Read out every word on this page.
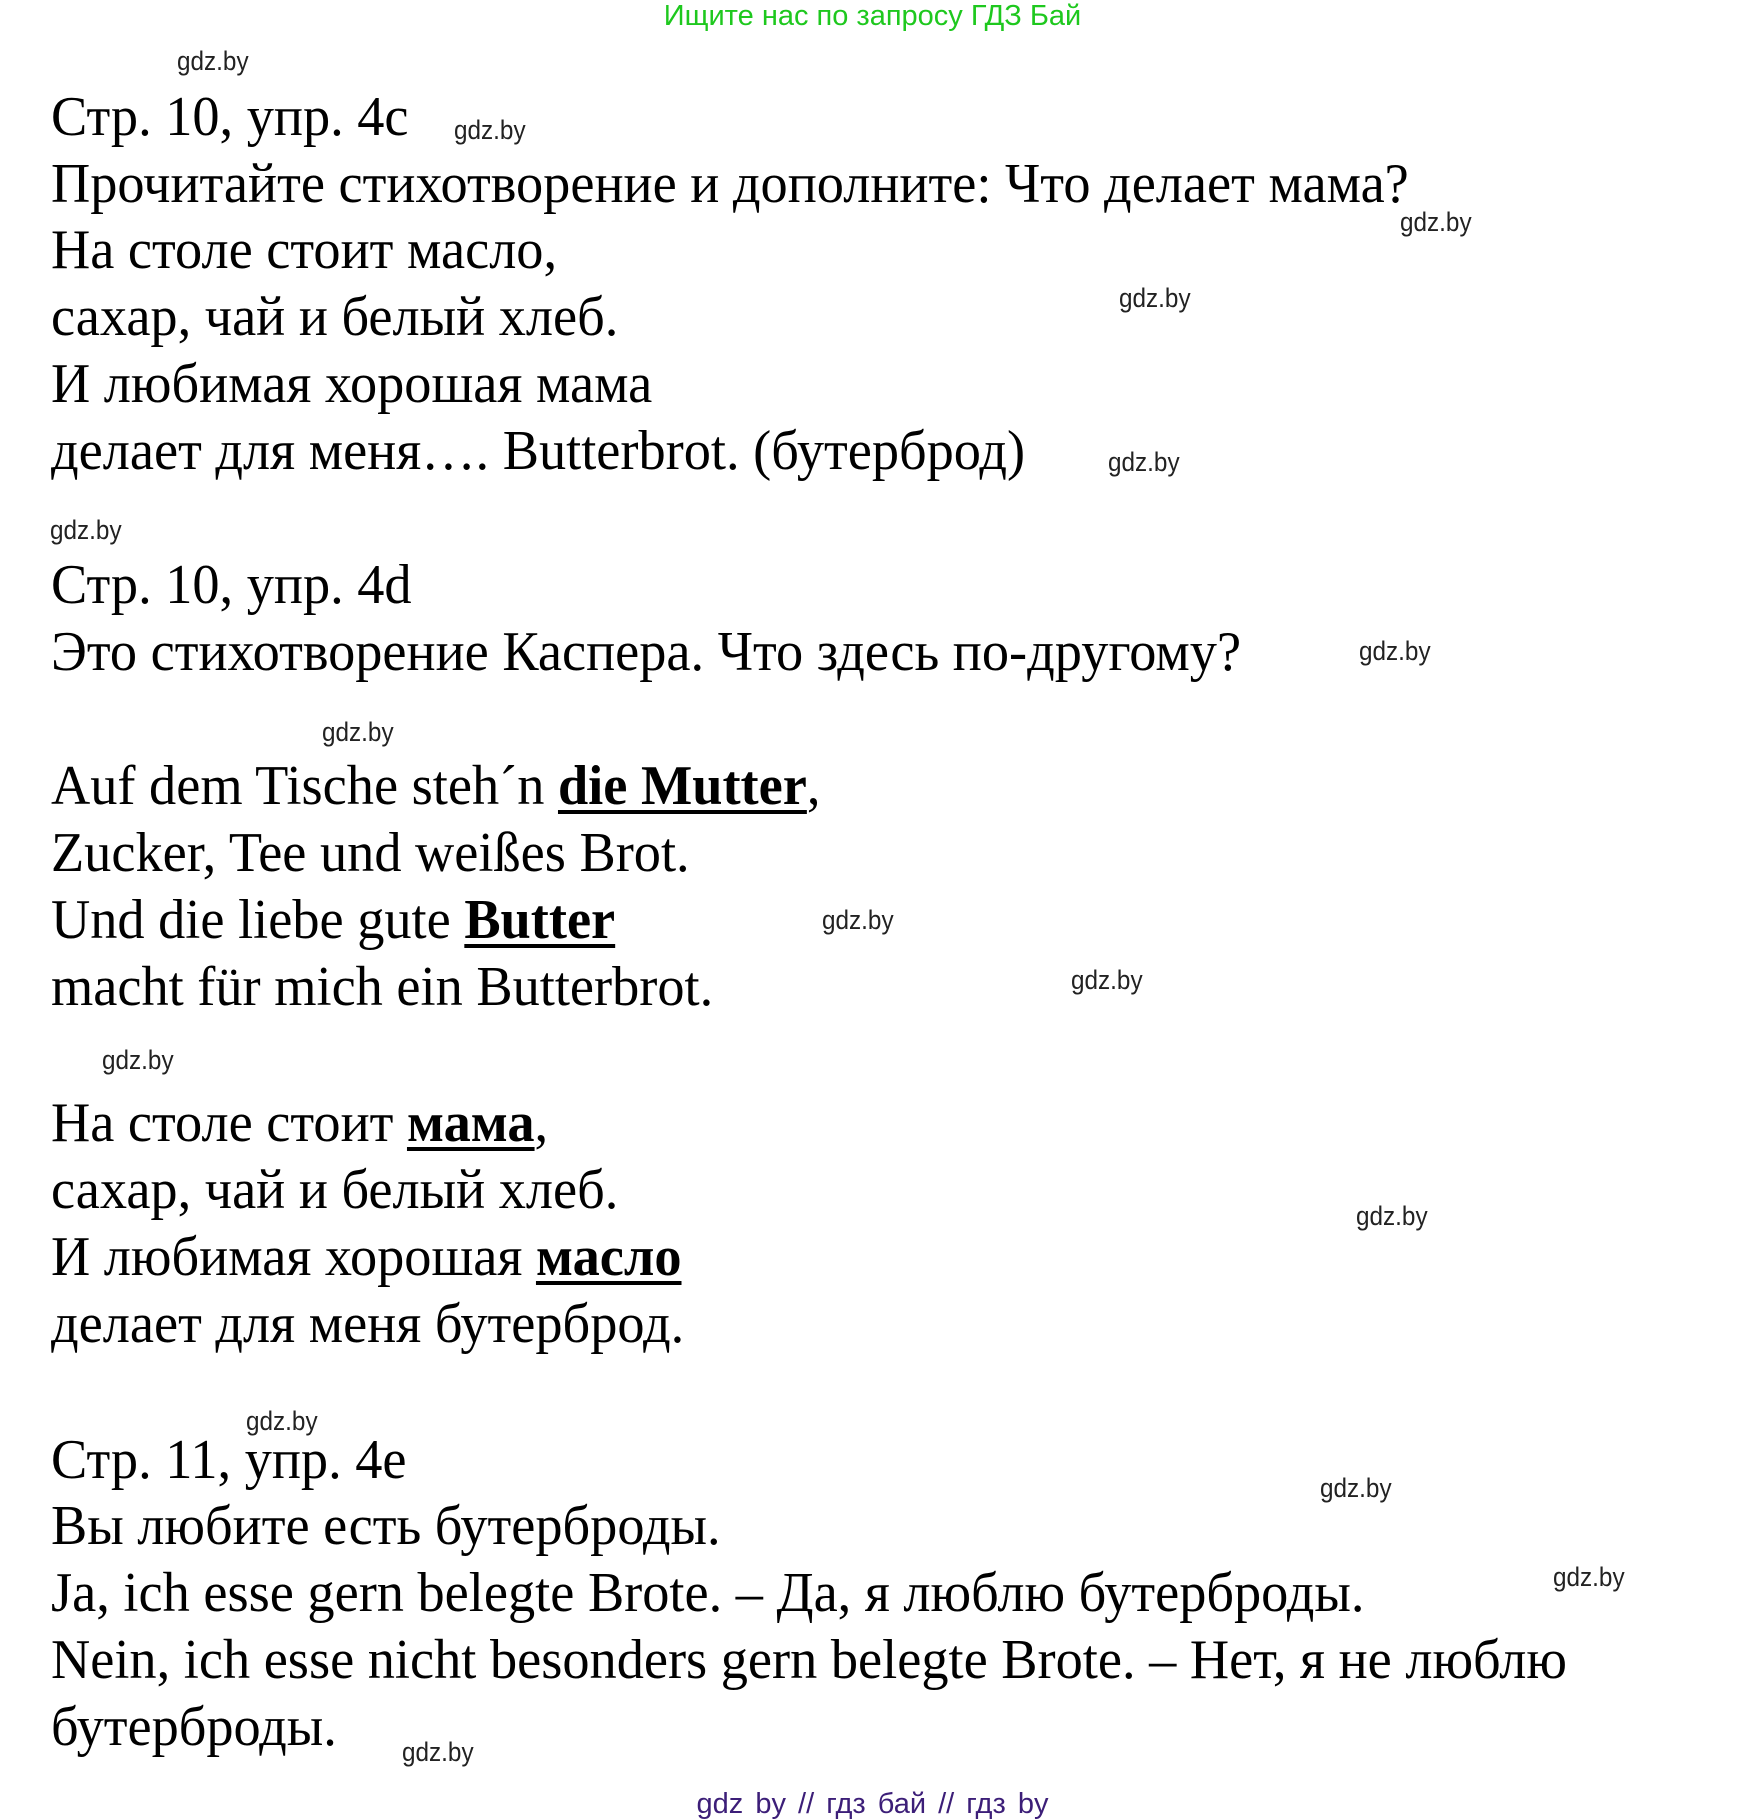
Ищите нас по запросу ГДЗ Бай
Стр. 10, упр. 4с
Прочитайте стихотворение и дополните: Что делает мама?
На столе стоит масло,
сахар, чай и белый хлеб.
И любимая хорошая мама
делает для меня…. Butterbrot. (бутерброд)
Стр. 10, упр. 4d
Это стихотворение Каспера. Что здесь по-другому?
Auf dem Tische steh´n die Mutter,
Zucker, Tee und weißes Brot.
Und die liebe gute Butter
macht für mich ein Butterbrot.
На столе стоит мама,
сахар, чай и белый хлеб.
И любимая хорошая масло
делает для меня бутерброд.
Стр. 11, упр. 4е
Вы любите есть бутерброды.
Ja, ich esse gern belegte Brote. – Да, я люблю бутерброды.
Nein, ich esse nicht besonders gern belegte Brote. – Нет, я не люблю
бутерброды.
gdz.by
gdz.by
gdz.by
gdz.by
gdz.by
gdz.by
gdz.by
gdz.by
gdz.by
gdz.by
gdz.by
gdz.by
gdz.by
gdz.by
gdz.by
gdz.by
gdz by // гдз бай // гдз by
